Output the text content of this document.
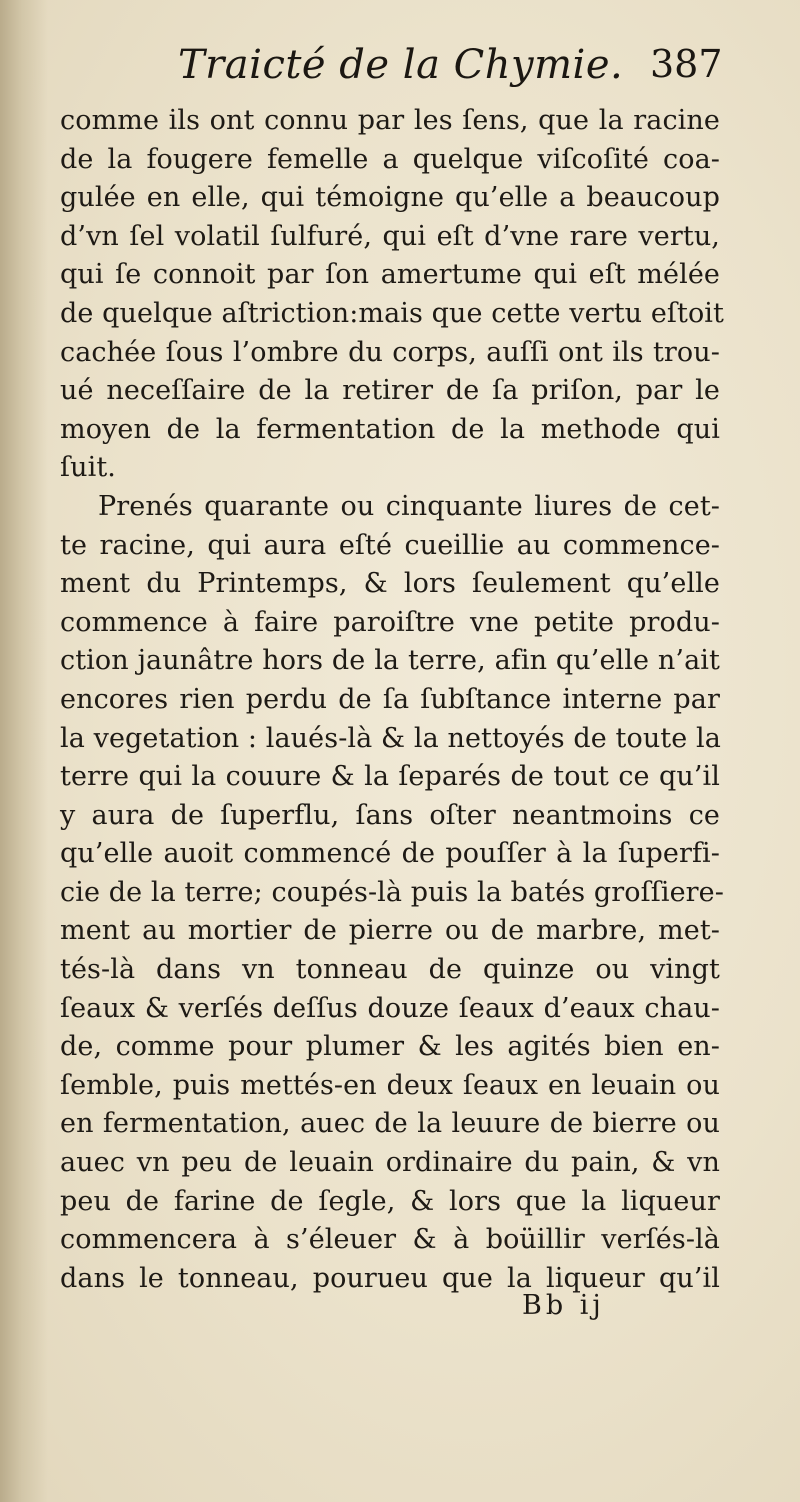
Traicté de la Chymie. 387
comme ils ont connu par les ſens, que la racine
de la fougere femelle a quelque viſcoſité coa-
gulée en elle, qui témoigne qu’elle a beaucoup
d’vn ſel volatil ſulfuré, qui eſt d’vne rare vertu,
qui ſe connoit par ſon amertume qui eſt mélée
de quelque aſtriction:mais que cette vertu eſtoit
cachée ſous l’ombre du corps, auſſi ont ils trou-
ué neceſſaire de la retirer de ſa priſon, par le
moyen de la fermentation de la methode qui
ſuit.
Prenés quarante ou cinquante liures de cet-
te racine, qui aura eſté cueillie au commence-
ment du Printemps, & lors ſeulement qu’elle
commence à faire paroiſtre vne petite produ-
ction jaunâtre hors de la terre, afin qu’elle n’ait
encores rien perdu de ſa ſubſtance interne par
la vegetation : laués-là & la nettoyés de toute la
terre qui la couure & la ſeparés de tout ce qu’il
y aura de ſuperflu, ſans oſter neantmoins ce
qu’elle auoit commencé de pouſſer à la ſuperfi-
cie de la terre; coupés-là puis la batés groſſiere-
ment au mortier de pierre ou de marbre, met-
tés-là dans vn tonneau de quinze ou vingt
ſeaux & verſés deſſus douze ſeaux d’eaux chau-
de, comme pour plumer & les agités bien en-
ſemble, puis mettés-en deux ſeaux en leuain ou
en fermentation, auec de la leuure de bierre ou
auec vn peu de leuain ordinaire du pain, & vn
peu de farine de ſegle, & lors que la liqueur
commencera à s’éleuer & à boüillir verſés-là
dans le tonneau, pourueu que la liqueur qu’il
Bb ij
